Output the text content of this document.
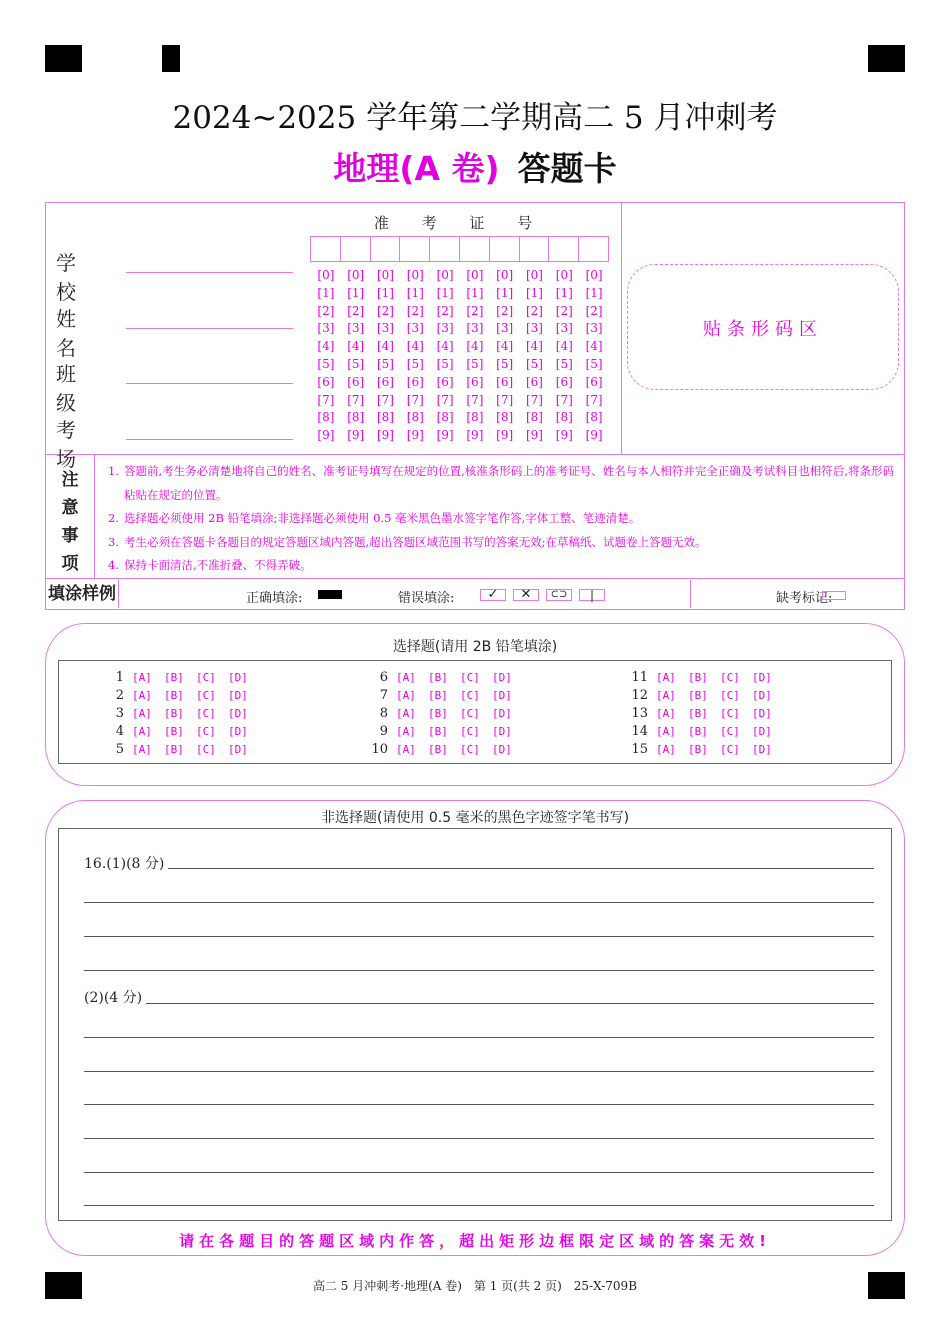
2024~2025 学年第二学期高二 5 月冲刺考
地理(A 卷) 答题卡
学 校
姓 名
班 级
考 场
准 考 证 号
[0]	[0]	[0]	[0]	[0]	[0]	[0]	[0]	[0]	[0]
[1]	[1]	[1]	[1]	[1]	[1]	[1]	[1]	[1]	[1]
[2]	[2]	[2]	[2]	[2]	[2]	[2]	[2]	[2]	[2]
[3]	[3]	[3]	[3]	[3]	[3]	[3]	[3]	[3]	[3]
[4]	[4]	[4]	[4]	[4]	[4]	[4]	[4]	[4]	[4]
[5]	[5]	[5]	[5]	[5]	[5]	[5]	[5]	[5]	[5]
[6]	[6]	[6]	[6]	[6]	[6]	[6]	[6]	[6]	[6]
[7]	[7]	[7]	[7]	[7]	[7]	[7]	[7]	[7]	[7]
[8]	[8]	[8]	[8]	[8]	[8]	[8]	[8]	[8]	[8]
[9]	[9]	[9]	[9]	[9]	[9]	[9]	[9]	[9]	[9]
贴条形码区
注
意
事
项
1. 答题前,考生务必清楚地将自己的姓名、准考证号填写在规定的位置,核准条形码上的准考证号、姓名与本人相符并完全正确及考试科目也相符后,将条形码粘贴在规定的位置。
2. 选择题必须使用 2B 铅笔填涂;非选择题必须使用 0.5 毫米黑色墨水签字笔作答,字体工整、笔迹清楚。
3. 考生必须在答题卡各题目的规定答题区域内答题,超出答题区域范围书写的答案无效;在草稿纸、试题卷上答题无效。
4. 保持卡面清洁,不准折叠、不得弄破。
填涂样例	正确填涂:	错误填涂:	✓	✕	⊂⊃	|	缺考标记:
选择题(请用 2B 铅笔填涂)
1 [A]	[B]	[C]	[D]
2 [A]	[B]	[C]	[D]
3 [A]	[B]	[C]	[D]
4 [A]	[B]	[C]	[D]
5 [A]	[B]	[C]	[D]
6 [A]	[B]	[C]	[D]
7 [A]	[B]	[C]	[D]
8 [A]	[B]	[C]	[D]
9 [A]	[B]	[C]	[D]
10 [A]	[B]	[C]	[D]
11 [A]	[B]	[C]	[D]
12 [A]	[B]	[C]	[D]
13 [A]	[B]	[C]	[D]
14 [A]	[B]	[C]	[D]
15 [A]	[B]	[C]	[D]
非选择题(请使用 0.5 毫米的黑色字迹签字笔书写)
16.(1)(8 分)
(2)(4 分)
请在各题目的答题区域内作答，超出矩形边框限定区域的答案无效!
高二 5 月冲刺考·地理(A 卷)　第 1 页(共 2 页)　25-X-709B
